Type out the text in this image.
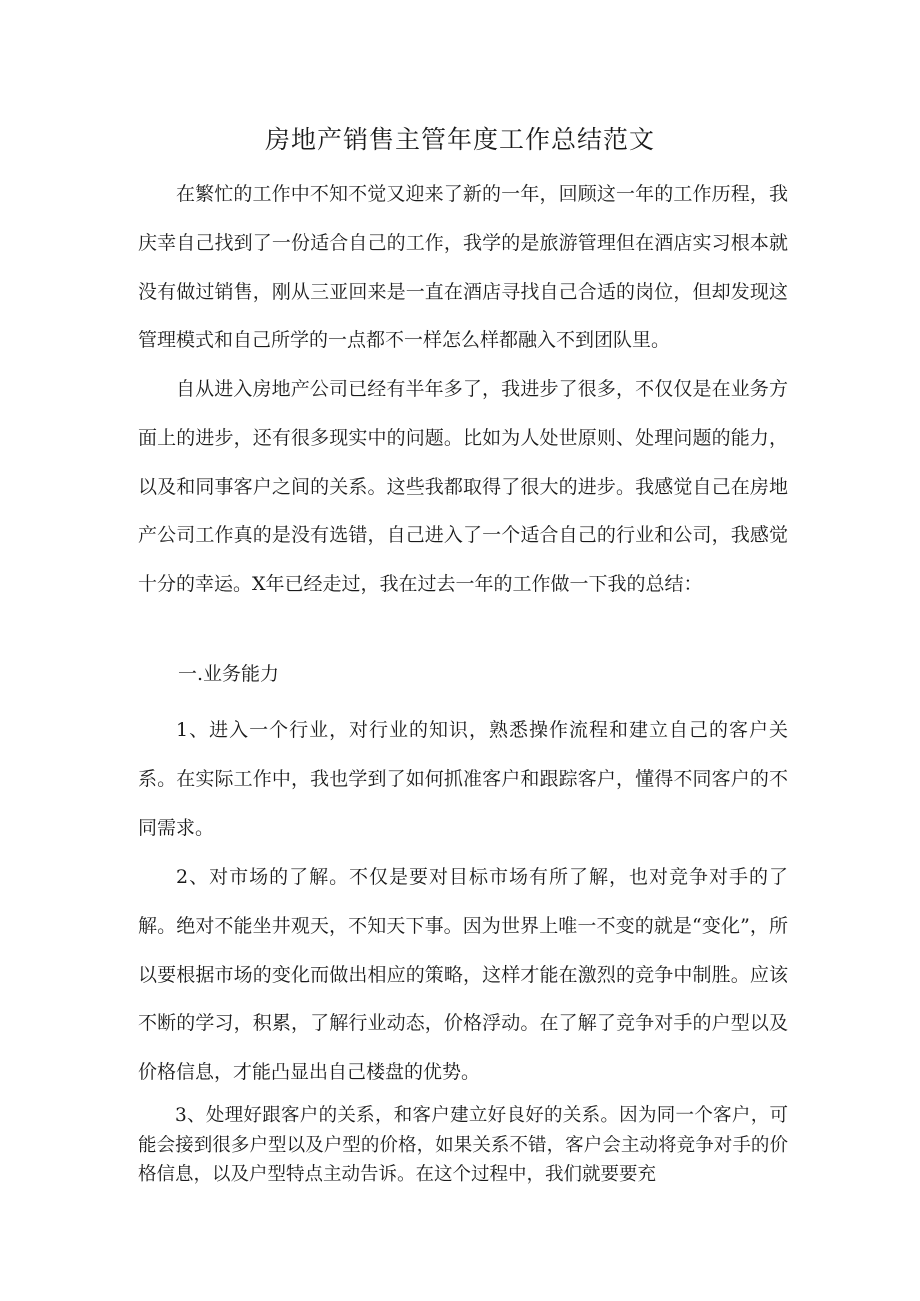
房地产销售主管年度工作总结范文

在繁忙的工作中不知不觉又迎来了新的一年，回顾这一年的工作历程，我庆幸自己找到了一份适合自己的工作，我学的是旅游管理但在酒店实习根本就没有做过销售，刚从三亚回来是一直在酒店寻找自己合适的岗位，但却发现这管理模式和自己所学的一点都不一样怎么样都融入不到团队里。

自从进入房地产公司已经有半年多了，我进步了很多，不仅仅是在业务方面上的进步，还有很多现实中的问题。比如为人处世原则、处理问题的能力，以及和同事客户之间的关系。这些我都取得了很大的进步。我感觉自己在房地产公司工作真的是没有选错，自己进入了一个适合自己的行业和公司，我感觉十分的幸运。X年已经走过，我在过去一年的工作做一下我的总结：

一.业务能力

1、进入一个行业，对行业的知识，熟悉操作流程和建立自己的客户关系。在实际工作中，我也学到了如何抓准客户和跟踪客户，懂得不同客户的不同需求。

2、对市场的了解。不仅是要对目标市场有所了解，也对竞争对手的了解。绝对不能坐井观天，不知天下事。因为世界上唯一不变的就是“变化”，所以要根据市场的变化而做出相应的策略，这样才能在激烈的竞争中制胜。应该不断的学习，积累，了解行业动态，价格浮动。在了解了竞争对手的户型以及价格信息，才能凸显出自己楼盘的优势。

3、处理好跟客户的关系，和客户建立好良好的关系。因为同一个客户，可能会接到很多户型以及户型的价格，如果关系不错，客户会主动将竞争对手的价格信息，以及户型特点主动告诉。在这个过程中，我们就要要充
